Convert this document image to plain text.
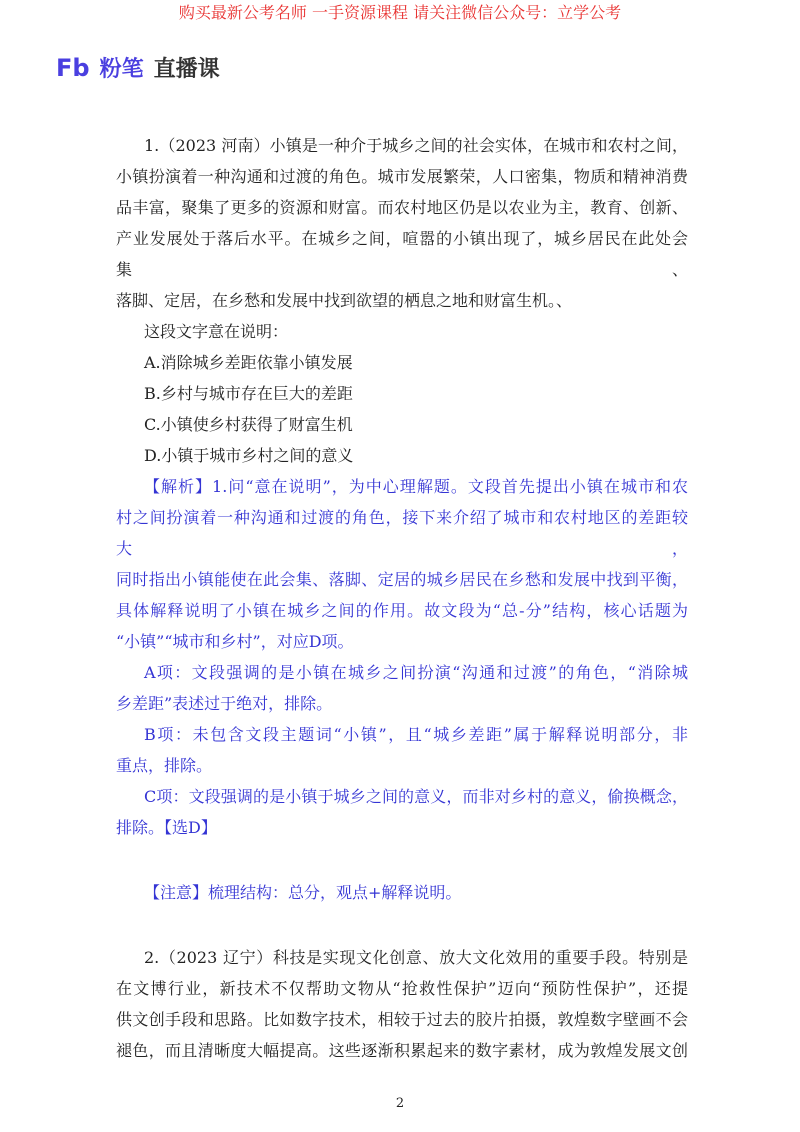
购买最新公考名师 一手资源课程 请关注微信公众号：立学公考
Fb 粉笔 直播课
1.（2023 河南）小镇是一种介于城乡之间的社会实体，在城市和农村之间，
小镇扮演着一种沟通和过渡的角色。城市发展繁荣，人口密集，物质和精神消费
品丰富，聚集了更多的资源和财富。而农村地区仍是以农业为主，教育、创新、
产业发展处于落后水平。在城乡之间，喧嚣的小镇出现了，城乡居民在此处会集、
落脚、定居，在乡愁和发展中找到欲望的栖息之地和财富生机。、
这段文字意在说明：
A.消除城乡差距依靠小镇发展
B.乡村与城市存在巨大的差距
C.小镇使乡村获得了财富生机
D.小镇于城市乡村之间的意义
【解析】1.问“意在说明”，为中心理解题。文段首先提出小镇在城市和农
村之间扮演着一种沟通和过渡的角色，接下来介绍了城市和农村地区的差距较大，
同时指出小镇能使在此会集、落脚、定居的城乡居民在乡愁和发展中找到平衡，
具体解释说明了小镇在城乡之间的作用。故文段为“总-分”结构，核心话题为
“小镇”“城市和乡村”，对应D项。
A项：文段强调的是小镇在城乡之间扮演“沟通和过渡”的角色，“消除城
乡差距”表述过于绝对，排除。
B项：未包含文段主题词“小镇”，且“城乡差距”属于解释说明部分，非
重点，排除。
C项：文段强调的是小镇于城乡之间的意义，而非对乡村的意义，偷换概念，
排除。【选D】
【注意】梳理结构：总分，观点+解释说明。
2.（2023 辽宁）科技是实现文化创意、放大文化效用的重要手段。特别是
在文博行业，新技术不仅帮助文物从“抢救性保护”迈向“预防性保护”，还提
供文创手段和思路。比如数字技术，相较于过去的胶片拍摄，敦煌数字壁画不会
褪色，而且清晰度大幅提高。这些逐渐积累起来的数字素材，成为敦煌发展文创
2
